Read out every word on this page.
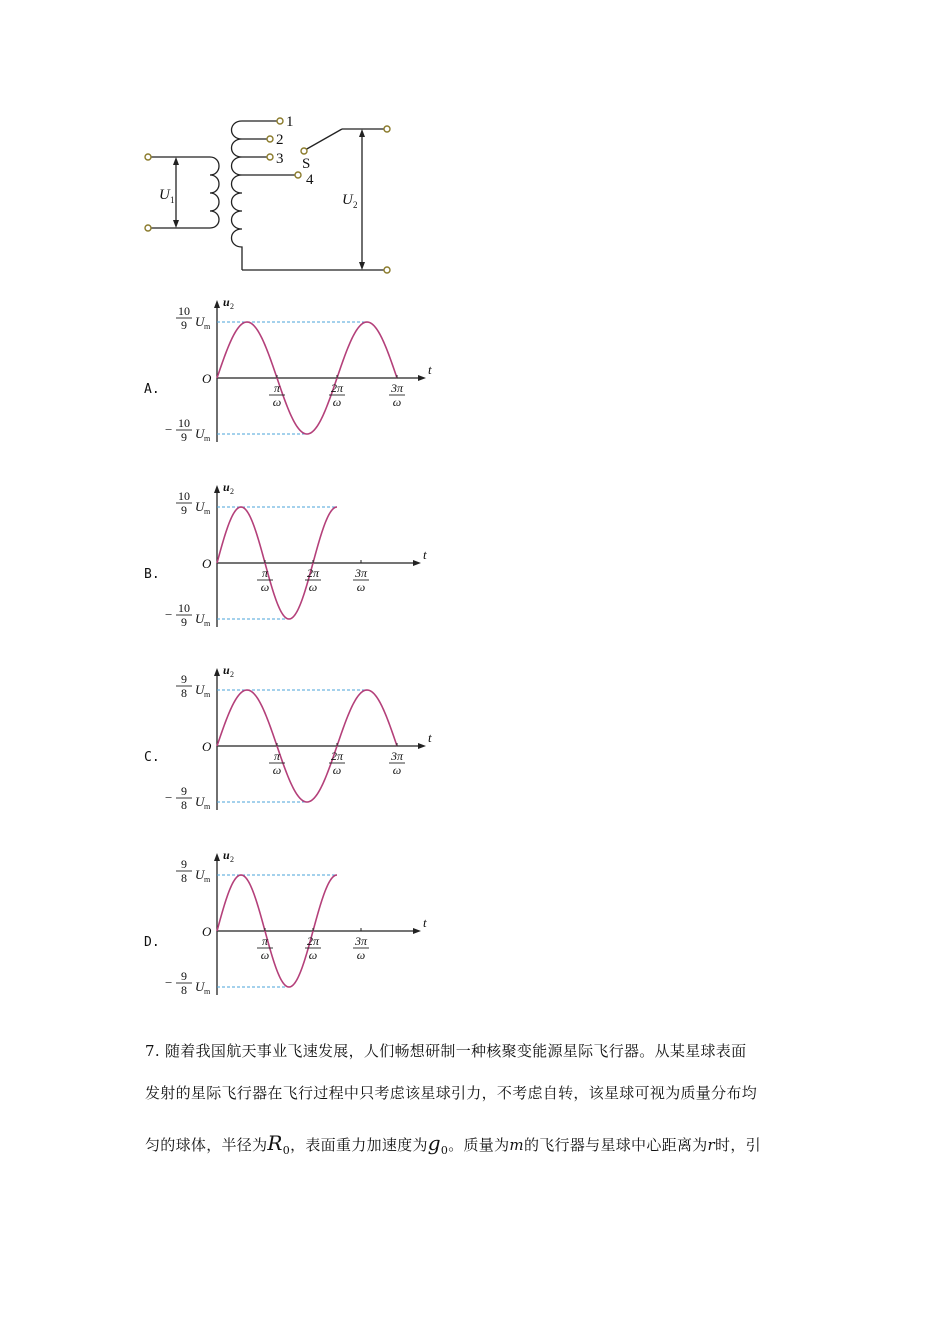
1
2
3
4
S
U 1	U 2
A.
u 2
t
O
10
9 U m
− 10
9 U m
π
ω
2π
ω
3π
ω
B.
u 2
t
O
10
9 U m
− 10
9 U m
π
ω
2π
ω
3π
ω
C.
u 2
t
O
9
8 U m
− 9
8 U m
π
ω
2π
ω
3π
ω
D.
u 2
t
O
9
8 U m
− 9
8 U m
π
ω
2π
ω
3π
ω
7. 随着我国航天事业飞速发展，人们畅想研制一种核聚变能源星际飞行器。从某星球表面
发射的星际飞行器在飞行过程中只考虑该星球引力，不考虑自转，该星球可视为质量分布均
匀的球体，半径为$R_0$，表面重力加速度为$g_0$。质量为m的飞行器与星球中心距离为r时，引
